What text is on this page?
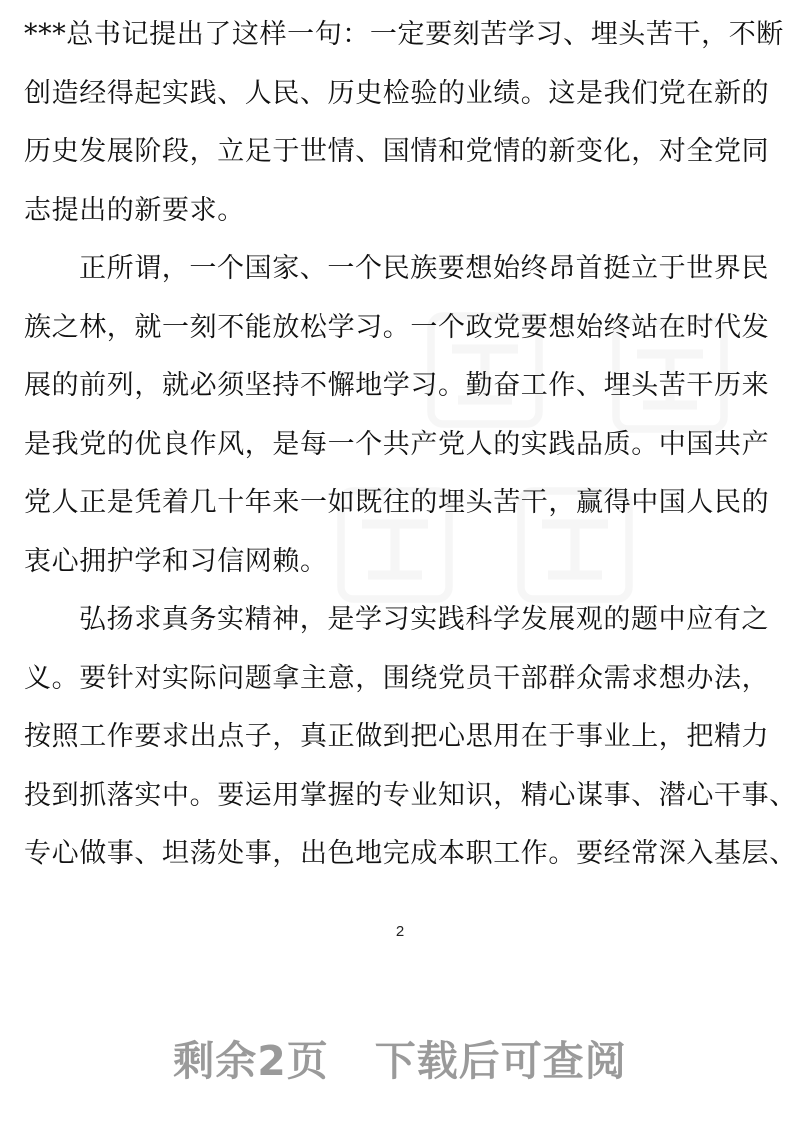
***总书记提出了这样一句：一定要刻苦学习、埋头苦干，不断
创造经得起实践、人民、历史检验的业绩。这是我们党在新的
历史发展阶段，立足于世情、国情和党情的新变化，对全党同
志提出的新要求。
正所谓，一个国家、一个民族要想始终昂首挺立于世界民
族之林，就一刻不能放松学习。一个政党要想始终站在时代发
展的前列，就必须坚持不懈地学习。勤奋工作、埋头苦干历来
是我党的优良作风，是每一个共产党人的实践品质。中国共产
党人正是凭着几十年来一如既往的埋头苦干，赢得中国人民的
衷心拥护学和习信网赖。
弘扬求真务实精神，是学习实践科学发展观的题中应有之
义。要针对实际问题拿主意，围绕党员干部群众需求想办法，
按照工作要求出点子，真正做到把心思用在于事业上，把精力
投到抓落实中。要运用掌握的专业知识，精心谋事、潜心干事、
专心做事、坦荡处事，出色地完成本职工作。要经常深入基层、
2
剩余2页 下载后可查阅
